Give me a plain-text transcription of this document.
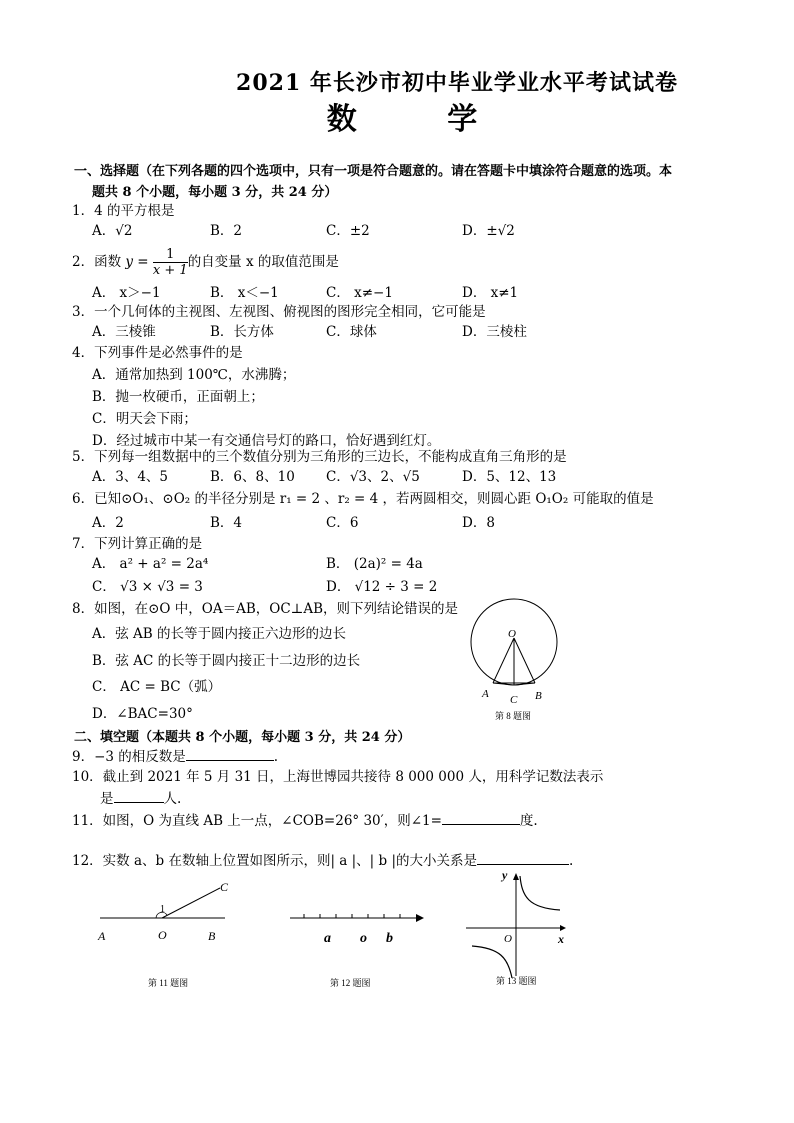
2021 年长沙市初中毕业学业水平考试试卷
数 学
一、选择题（在下列各题的四个选项中，只有一项是符合题意的。请在答题卡中填涂符合题意的选项。本
题共 8 个小题，每小题 3 分，共 24 分）
1．4 的平方根是
A．√2	B．2	C．±2	D．±√2
2．函数 $y = \frac{1}{x + 1}$ 的自变量 x 的取值范围是
A． x＞−1	B． x＜−1	C． x≠−1	D． x≠1
3．一个几何体的主视图、左视图、俯视图的图形完全相同，它可能是
A．三棱锥	B．长方体	C．球体	D．三棱柱
4．下列事件是必然事件的是
A．通常加热到 100℃，水沸腾；
B．抛一枚硬币，正面朝上；
C．明天会下雨；
D．经过城市中某一有交通信号灯的路口，恰好遇到红灯。
5．下列每一组数据中的三个数值分别为三角形的三边长，不能构成直角三角形的是
A．3、4、5	B．6、8、10 C．√3、2、√5	D．5、12、13
6．已知⊙O₁、⊙O₂ 的半径分别是 r₁ = 2 、r₂ = 4 ，若两圆相交，则圆心距 O₁O₂ 可能取的值是
A．2	B．4	C．6	D．8
7．下列计算正确的是
A． a² + a² = 2a⁴	B． (2a)² = 4a
C． √3 × √3 = 3	D． √12 ÷ 3 = 2
8．如图，在⊙O 中，OA＝AB，OC⊥AB，则下列结论错误的是
A．弦 AB 的长等于圆内接正六边形的边长
B．弦 AC 的长等于圆内接正十二边形的边长
C． AC = BC（弧）
D．∠BAC=30°
O
A C B
第 8 题图
二、填空题（本题共 8 个小题，每小题 3 分，共 24 分）
9．−3 的相反数是	.
10．截止到 2021 年 5 月 31 日，上海世博园共接待 8 000 000 人，用科学记数法表示
是	人.
11．如图，O 为直线 AB 上一点，∠COB=26° 30′，则∠1=	度.
12．实数 a、b 在数轴上位置如图所示，则| a |、| b |的大小关系是	.
A	O	B
C
1
第 11 题图
a o b
第 12 题图
y
x
O
第 13 题图
